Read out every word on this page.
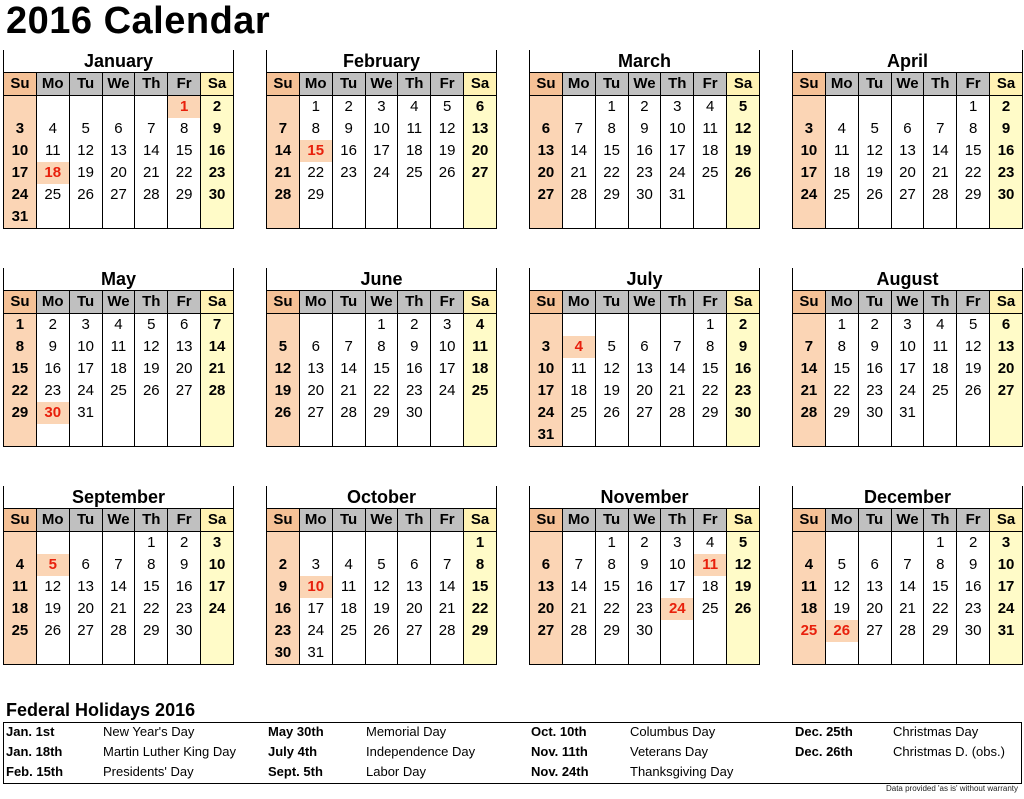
2016 Calendar
January						
Su	Mo	Tu	We	Th	Fr	Sa
					1	2
3	4	5	6	7	8	9
10	11	12	13	14	15	16
17	18	19	20	21	22	23
24	25	26	27	28	29	30
31						
February						
Su	Mo	Tu	We	Th	Fr	Sa
	1	2	3	4	5	6
7	8	9	10	11	12	13
14	15	16	17	18	19	20
21	22	23	24	25	26	27
28	29					

March						
Su	Mo	Tu	We	Th	Fr	Sa
		1	2	3	4	5
6	7	8	9	10	11	12
13	14	15	16	17	18	19
20	21	22	23	24	25	26
27	28	29	30	31		

April						
Su	Mo	Tu	We	Th	Fr	Sa
					1	2
3	4	5	6	7	8	9
10	11	12	13	14	15	16
17	18	19	20	21	22	23
24	25	26	27	28	29	30

May						
Su	Mo	Tu	We	Th	Fr	Sa
1	2	3	4	5	6	7
8	9	10	11	12	13	14
15	16	17	18	19	20	21
22	23	24	25	26	27	28
29	30	31				

June						
Su	Mo	Tu	We	Th	Fr	Sa
			1	2	3	4
5	6	7	8	9	10	11
12	13	14	15	16	17	18
19	20	21	22	23	24	25
26	27	28	29	30		

July						
Su	Mo	Tu	We	Th	Fr	Sa
					1	2
3	4	5	6	7	8	9
10	11	12	13	14	15	16
17	18	19	20	21	22	23
24	25	26	27	28	29	30
31						
August						
Su	Mo	Tu	We	Th	Fr	Sa
	1	2	3	4	5	6
7	8	9	10	11	12	13
14	15	16	17	18	19	20
21	22	23	24	25	26	27
28	29	30	31			

September						
Su	Mo	Tu	We	Th	Fr	Sa
				1	2	3
4	5	6	7	8	9	10
11	12	13	14	15	16	17
18	19	20	21	22	23	24
25	26	27	28	29	30	

October						
Su	Mo	Tu	We	Th	Fr	Sa
						1
2	3	4	5	6	7	8
9	10	11	12	13	14	15
16	17	18	19	20	21	22
23	24	25	26	27	28	29
30	31					
November						
Su	Mo	Tu	We	Th	Fr	Sa
		1	2	3	4	5
6	7	8	9	10	11	12
13	14	15	16	17	18	19
20	21	22	23	24	25	26
27	28	29	30			

December						
Su	Mo	Tu	We	Th	Fr	Sa
				1	2	3
4	5	6	7	8	9	10
11	12	13	14	15	16	17
18	19	20	21	22	23	24
25	26	27	28	29	30	31

Federal Holidays 2016
Jan. 1st	New Year's Day
Jan. 18th	Martin Luther King Day
Feb. 15th	Presidents' Day
May 30th	Memorial Day
July 4th	Independence Day
Sept. 5th	Labor Day
Oct. 10th	Columbus Day
Nov. 11th	Veterans Day
Nov. 24th	Thanksgiving Day
Dec. 25th	Christmas Day
Dec. 26th	Christmas D. (obs.)
Data provided 'as is' without warranty
